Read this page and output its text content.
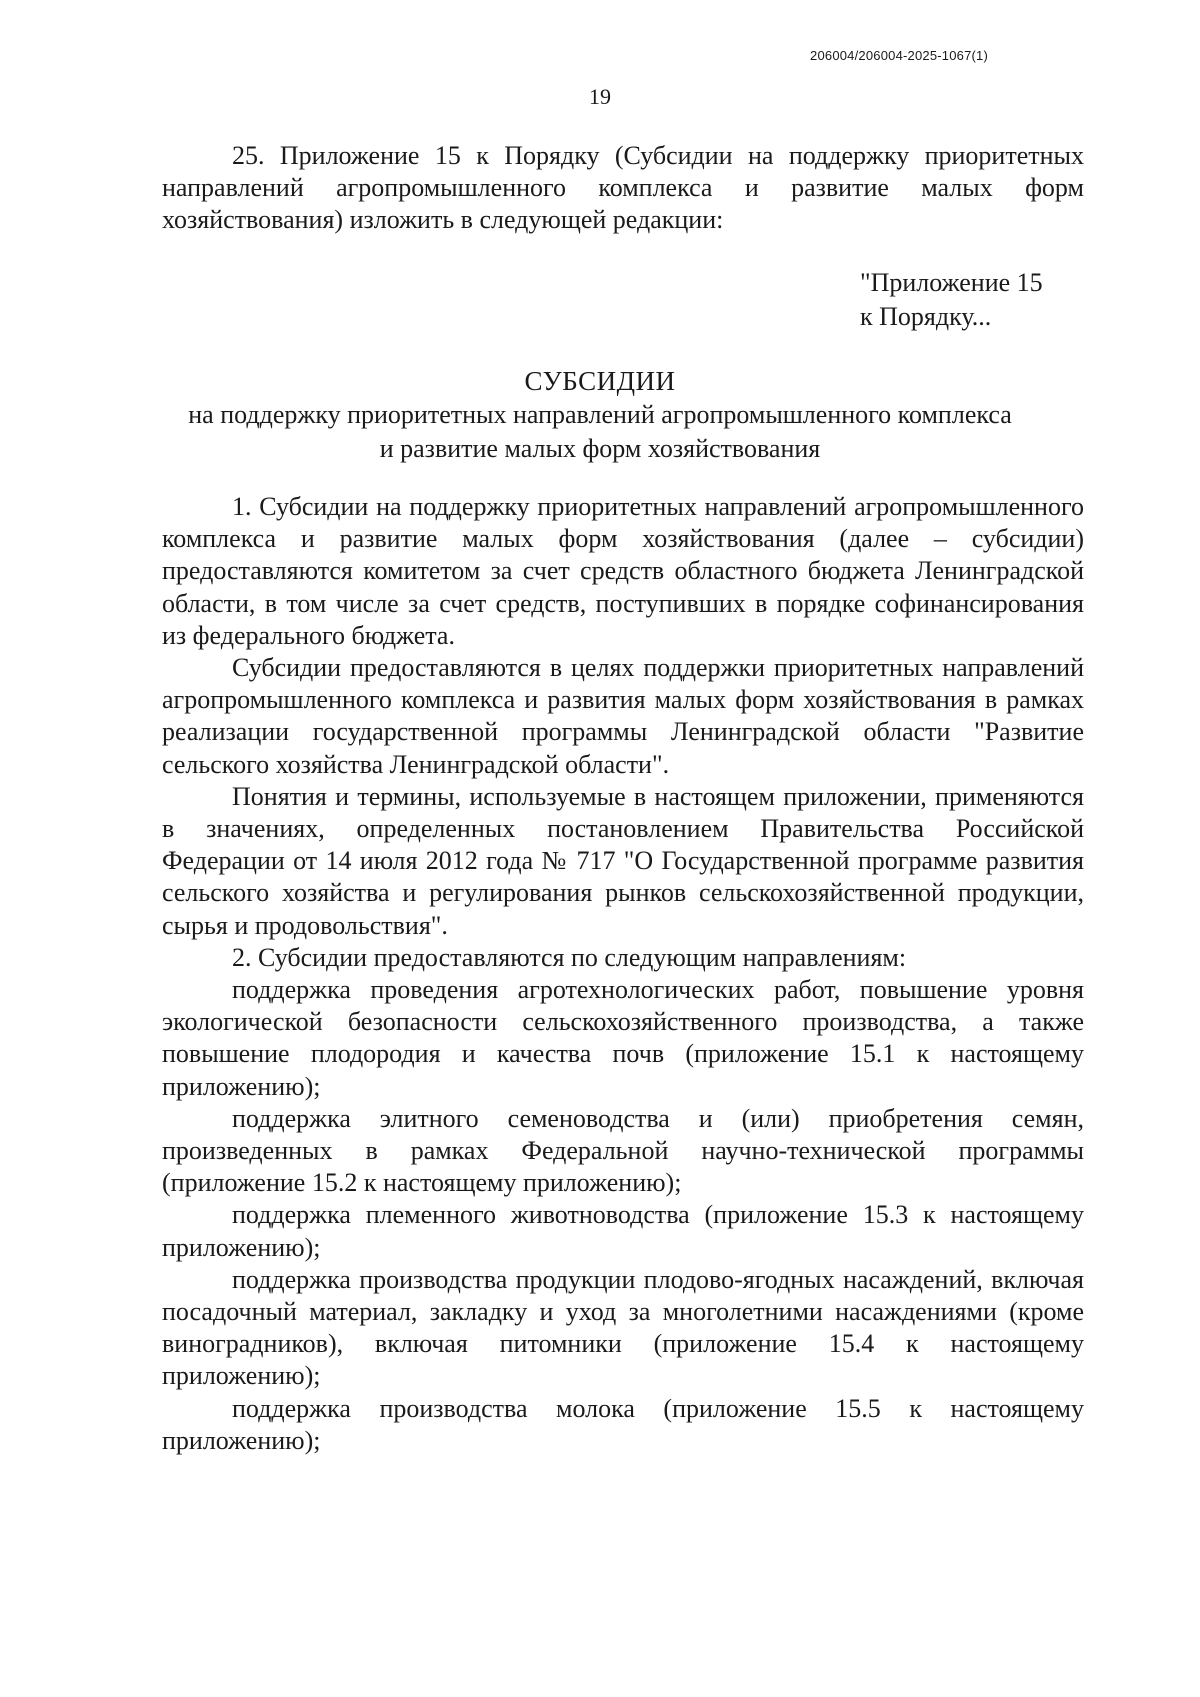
206004/206004-2025-1067(1)
19

25. Приложение 15 к Порядку (Субсидии на поддержку приоритетных направлений агропромышленного комплекса и развитие малых форм хозяйствования) изложить в следующей редакции:

"Приложение 15
к Порядку...
СУБСИДИИ
на поддержку приоритетных направлений агропромышленного комплекса
и развитие малых форм хозяйствования

1. Субсидии на поддержку приоритетных направлений агропромышленного комплекса и развитие малых форм хозяйствования (далее – субсидии) предоставляются комитетом за счет средств областного бюджета Ленинградской области, в том числе за счет средств, поступивших в порядке софинансирования из федерального бюджета.

Субсидии предоставляются в целях поддержки приоритетных направлений агропромышленного комплекса и развития малых форм хозяйствования в рамках реализации государственной программы Ленинградской области "Развитие сельского хозяйства Ленинградской области".

Понятия и термины, используемые в настоящем приложении, применяются в значениях, определенных постановлением Правительства Российской Федерации от 14 июля 2012 года № 717 "О Государственной программе развития сельского хозяйства и регулирования рынков сельскохозяйственной продукции, сырья и продовольствия".

2. Субсидии предоставляются по следующим направлениям:

поддержка проведения агротехнологических работ, повышение уровня экологической безопасности сельскохозяйственного производства, а также повышение плодородия и качества почв (приложение 15.1 к настоящему приложению);

поддержка элитного семеноводства и (или) приобретения семян, произведенных в рамках Федеральной научно-технической программы (приложение 15.2 к настоящему приложению);

поддержка племенного животноводства (приложение 15.3 к настоящему приложению);

поддержка производства продукции плодово-ягодных насаждений, включая посадочный материал, закладку и уход за многолетними насаждениями (кроме виноградников), включая питомники (приложение 15.4 к настоящему приложению);

поддержка производства молока (приложение 15.5 к настоящему приложению);
